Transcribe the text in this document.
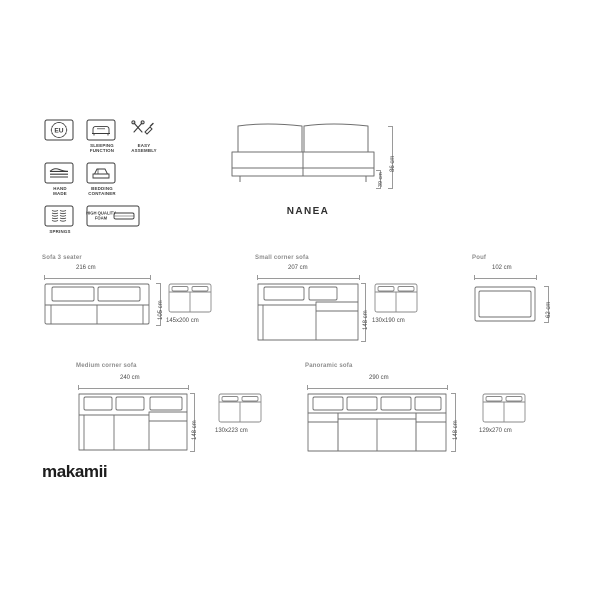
EU
SLEEPING
FUNCTION
EASY
ASSEMBLY
HAND
MADE
BEDDING
CONTAINER
SPRINGS
HIGH QUALITY
FOAM
NANEA
86 cm
39 cm
Sofa 3 seater
216 cm
105 cm
145x200 cm
Small corner sofa
207 cm
148 cm 130x190 cm
Pouf
102 cm
62 cm
Medium corner sofa
240 cm
148 cm	130x223 cm
Panoramic sofa
290 cm
148 cm	129x270 cm
makamii
